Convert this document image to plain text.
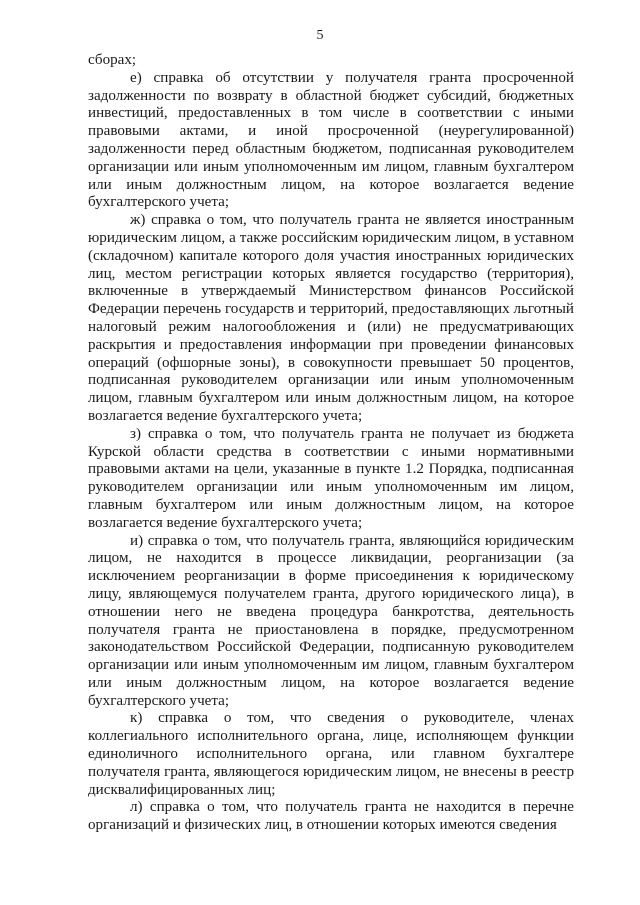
5

сборах;

е) справка об отсутствии у получателя гранта просроченной задолженности по возврату в областной бюджет субсидий, бюджетных инвестиций, предоставленных в том числе в соответствии с иными правовыми актами, и иной просроченной (неурегулированной) задолженности перед областным бюджетом, подписанная руководителем организации или иным уполномоченным им лицом, главным бухгалтером или иным должностным лицом, на которое возлагается ведение бухгалтерского учета;

ж) справка о том, что получатель гранта не является иностранным юридическим лицом, а также российским юридическим лицом, в уставном (складочном) капитале которого доля участия иностранных юридических лиц, местом регистрации которых является государство (территория), включенные в утверждаемый Министерством финансов Российской Федерации перечень государств и территорий, предоставляющих льготный налоговый режим налогообложения и (или) не предусматривающих раскрытия и предоставления информации при проведении финансовых операций (офшорные зоны), в совокупности превышает 50 процентов, подписанная руководителем организации или иным уполномоченным лицом, главным бухгалтером или иным должностным лицом, на которое возлагается ведение бухгалтерского учета;

з) справка о том, что получатель гранта не получает из бюджета Курской области средства в соответствии с иными нормативными правовыми актами на цели, указанные в пункте 1.2 Порядка, подписанная руководителем организации или иным уполномоченным им лицом, главным бухгалтером или иным должностным лицом, на которое возлагается ведение бухгалтерского учета;

и) справка о том, что получатель гранта, являющийся юридическим лицом, не находится в процессе ликвидации, реорганизации (за исключением реорганизации в форме присоединения к юридическому лицу, являющемуся получателем гранта, другого юридического лица), в отношении него не введена процедура банкротства, деятельность получателя гранта не приостановлена в порядке, предусмотренном законодательством Российской Федерации, подписанную руководителем организации или иным уполномоченным им лицом, главным бухгалтером или иным должностным лицом, на которое возлагается ведение бухгалтерского учета;

к) справка о том, что сведения о руководителе, членах коллегиального исполнительного органа, лице, исполняющем функции единоличного исполнительного органа, или главном бухгалтере получателя гранта, являющегося юридическим лицом, не внесены в реестр дисквалифицированных лиц;

л) справка о том, что получатель гранта не находится в перечне организаций и физических лиц, в отношении которых имеются сведения
